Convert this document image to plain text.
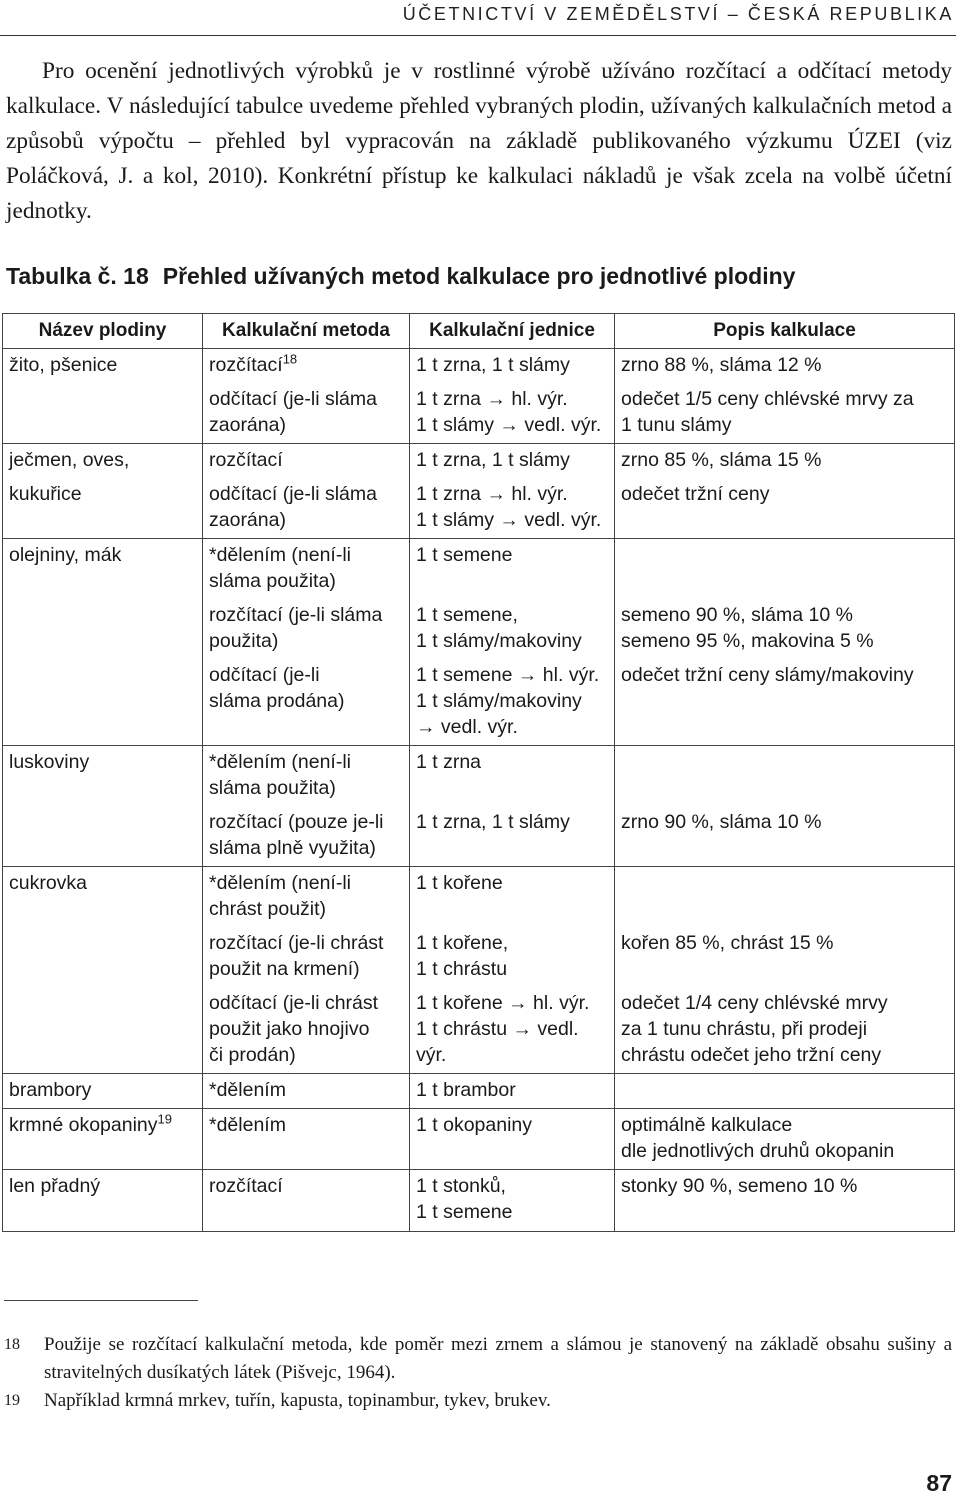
ÚČETNICTVÍ V ZEMĚDĚLSTVÍ – ČESKÁ REPUBLIKA
Pro ocenění jednotlivých výrobků je v rostlinné výrobě užíváno rozčítací a odčítací metody kalkulace. V následující tabulce uvedeme přehled vybraných plodin, užívaných kalkulačních metod a způsobů výpočtu – přehled byl vypracován na základě publikovaného výzkumu ÚZEI (viz Poláčková, J. a kol, 2010). Konkrétní přístup ke kalkulaci nákladů je však zcela na volbě účetní jednotky.
Tabulka č. 18 Přehled užívaných metod kalkulace pro jednotlivé plodiny
Název plodiny	Kalkulační metoda	Kalkulační jednice	Popis kalkulace
žito, pšenice	rozčítací$^{18}$	1 t zrna, 1 t slámy	zrno 88 %, sláma 12 %

	odčítací (je-li sláma
zaorána)	1 t zrna → hl. výr.
1 t slámy → vedl. výr.	odečet 1/5 ceny chlévské mrvy za
1 tunu slámy

ječmen, oves,	rozčítací	1 t zrna, 1 t slámy	zrno 85 %, sláma 15 %
kukuřice	odčítací (je-li sláma
zaorána)	1 t zrna → hl. výr.
1 t slámy → vedl. výr.	odečet tržní ceny

olejniny, mák	*dělením (není-li
sláma použita)	1 t semene	

	rozčítací (je-li sláma
použita)	1 t semene,
1 t slámy/makoviny	semeno 90 %, sláma 10 %
semeno 95 %, makovina 5 %

	odčítací (je-li
sláma prodána)	1 t semene → hl. výr.
1 t slámy/makoviny
→ vedl. výr.	odečet tržní ceny slámy/makoviny

luskoviny	*dělením (není-li
sláma použita)	1 t zrna	

	rozčítací (pouze je-li
sláma plně využita)	1 t zrna, 1 t slámy	zrno 90 %, sláma 10 %
cukrovka	*dělením (není-li
chrást použit)	1 t kořene	

	rozčítací (je-li chrást
použit na krmení)	1 t kořene,
1 t chrástu	kořen 85 %, chrást 15 %

	odčítací (je-li chrást
použit jako hnojivo
či prodán)	1 t kořene → hl. výr.
1 t chrástu → vedl.
výr.	odečet 1/4 ceny chlévské mrvy
za 1 tunu chrástu, při prodeji
chrástu odečet jeho tržní ceny

brambory	*dělením	1 t brambor	
krmné okopaniny$^{19}$	*dělením	1 t okopaniny	optimálně kalkulace
dle jednotlivých druhů okopanin

len přadný	rozčítací	1 t stonků,
1 t semene	stonky 90 %, semeno 10 %
18	Použije se rozčítací kalkulační metoda, kde poměr mezi zrnem a slámou je stanovený na základě obsahu sušiny a stravitelných dusíkatých látek (Pišvejc, 1964).
19	Například krmná mrkev, tuřín, kapusta, topinambur, tykev, brukev.
87
